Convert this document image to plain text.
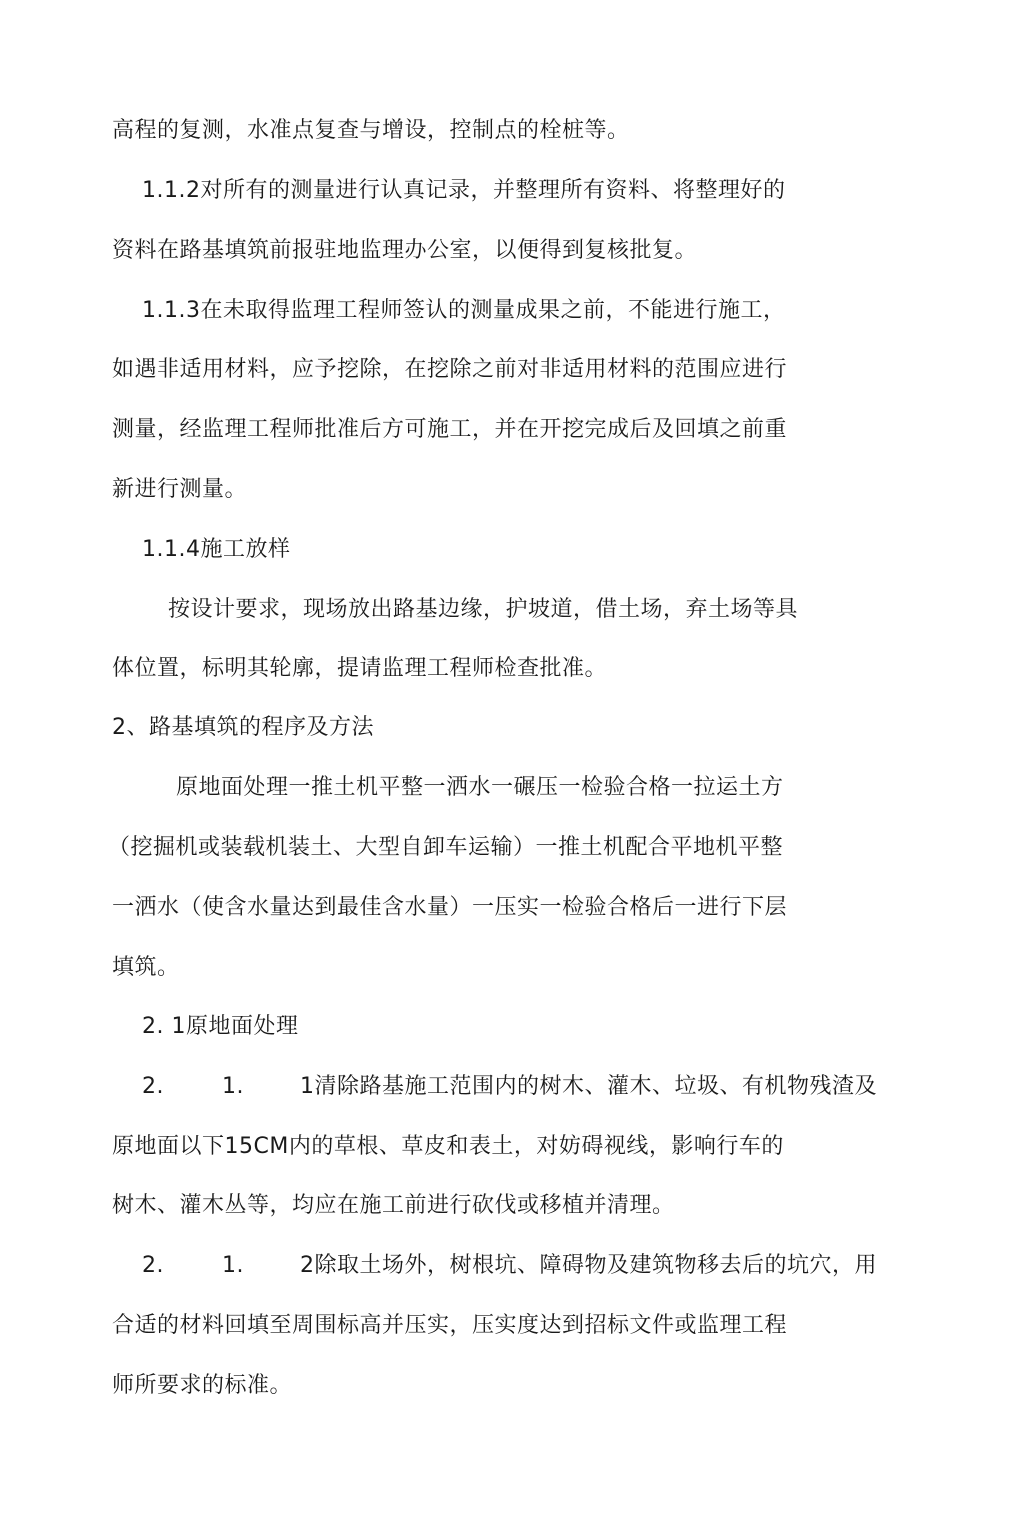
高程的复测，水准点复查与增设，控制点的栓桩等。
1.1.2对所有的测量进行认真记录，并整理所有资料、将整理好的
资料在路基填筑前报驻地监理办公室，以便得到复核批复。
1.1.3在未取得监理工程师签认的测量成果之前，不能进行施工，
如遇非适用材料，应予挖除，在挖除之前对非适用材料的范围应进行
测量，经监理工程师批准后方可施工，并在开挖完成后及回填之前重
新进行测量。
1.1.4施工放样
按设计要求，现场放出路基边缘，护坡道，借土场，弃土场等具
体位置，标明其轮廓，提请监理工程师检查批准。
2、路基填筑的程序及方法
原地面处理一推土机平整一洒水一碾压一检验合格一拉运土方
（挖掘机或装载机装土、大型自卸车运输）一推土机配合平地机平整
一洒水（使含水量达到最佳含水量）一压实一检验合格后一进行下层
填筑。
2. 1原地面处理
2.	1.	1清除路基施工范围内的树木、灌木、垃圾、有机物残渣及
原地面以下15CM内的草根、草皮和表土，对妨碍视线，影响行车的
树木、灌木丛等，均应在施工前进行砍伐或移植并清理。
2.	1.	2除取土场外，树根坑、障碍物及建筑物移去后的坑穴，用
合适的材料回填至周围标高并压实，压实度达到招标文件或监理工程
师所要求的标准。
